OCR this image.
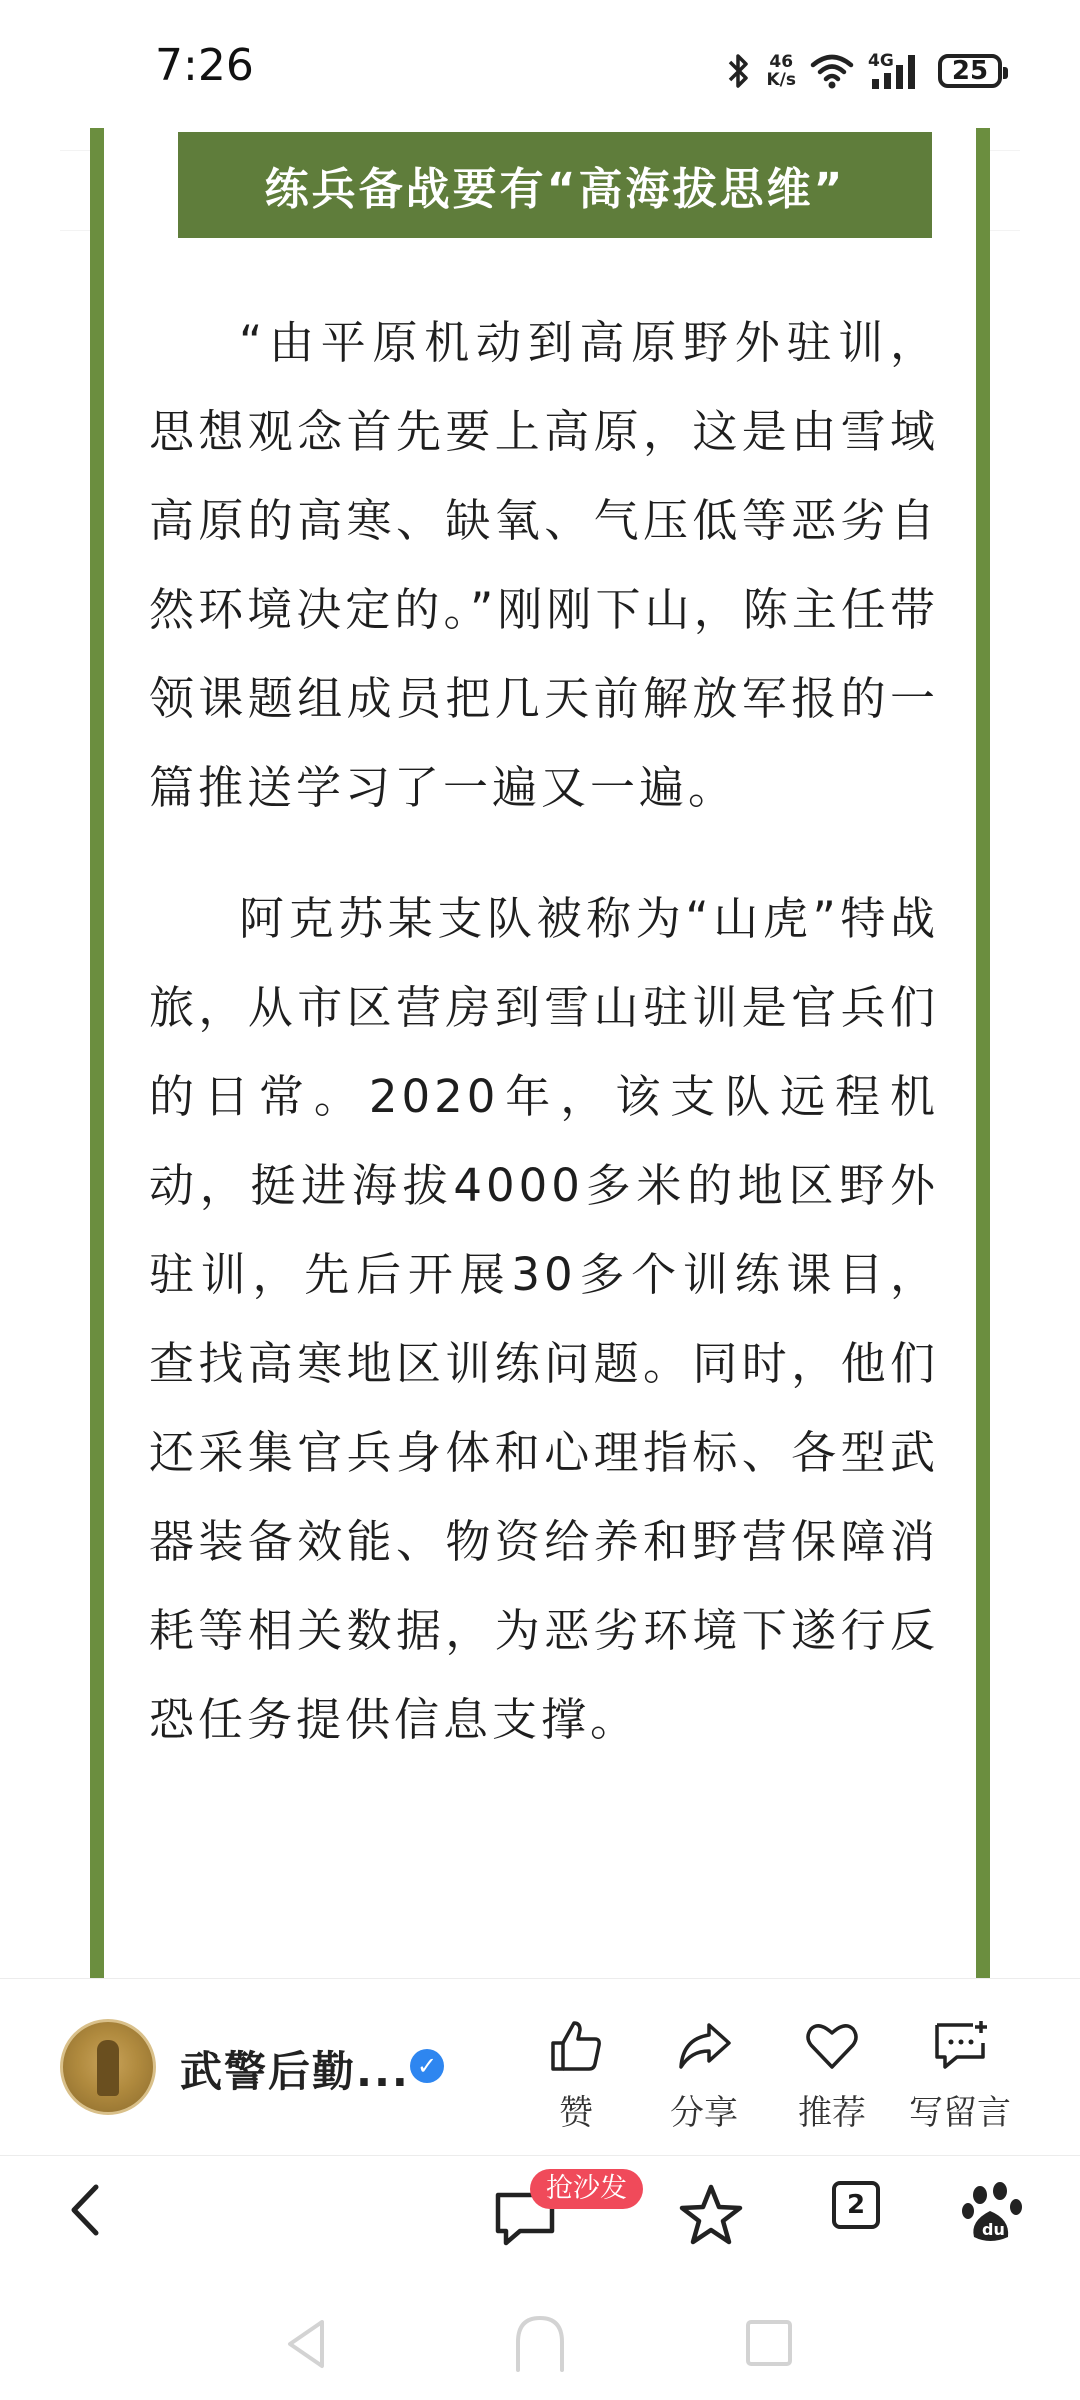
7:26	46
K/s
4G 25
练兵备战要有“高海拔思维”

“由平原机动到高原野外驻训，思想观念首先要上高原，这是由雪域高原的高寒、缺氧、气压低等恶劣自然环境决定的。”刚刚下山，陈主任带领课题组成员把几天前解放军报的一篇推送学习了一遍又一遍。

阿克苏某支队被称为“山虎”特战旅，从市区营房到雪山驻训是官兵们的日常。2020年，该支队远程机动，挺进海拔4000多米的地区野外驻训，先后开展30多个训练课目，查找高寒地区训练问题。同时，他们还采集官兵身体和心理指标、各型武器装备效能、物资给养和野营保障消耗等相关数据，为恶劣环境下遂行反恐任务提供信息支撑。

武警后勤... ✓
赞	分享	推荐	写留言
抢沙发
2
du
